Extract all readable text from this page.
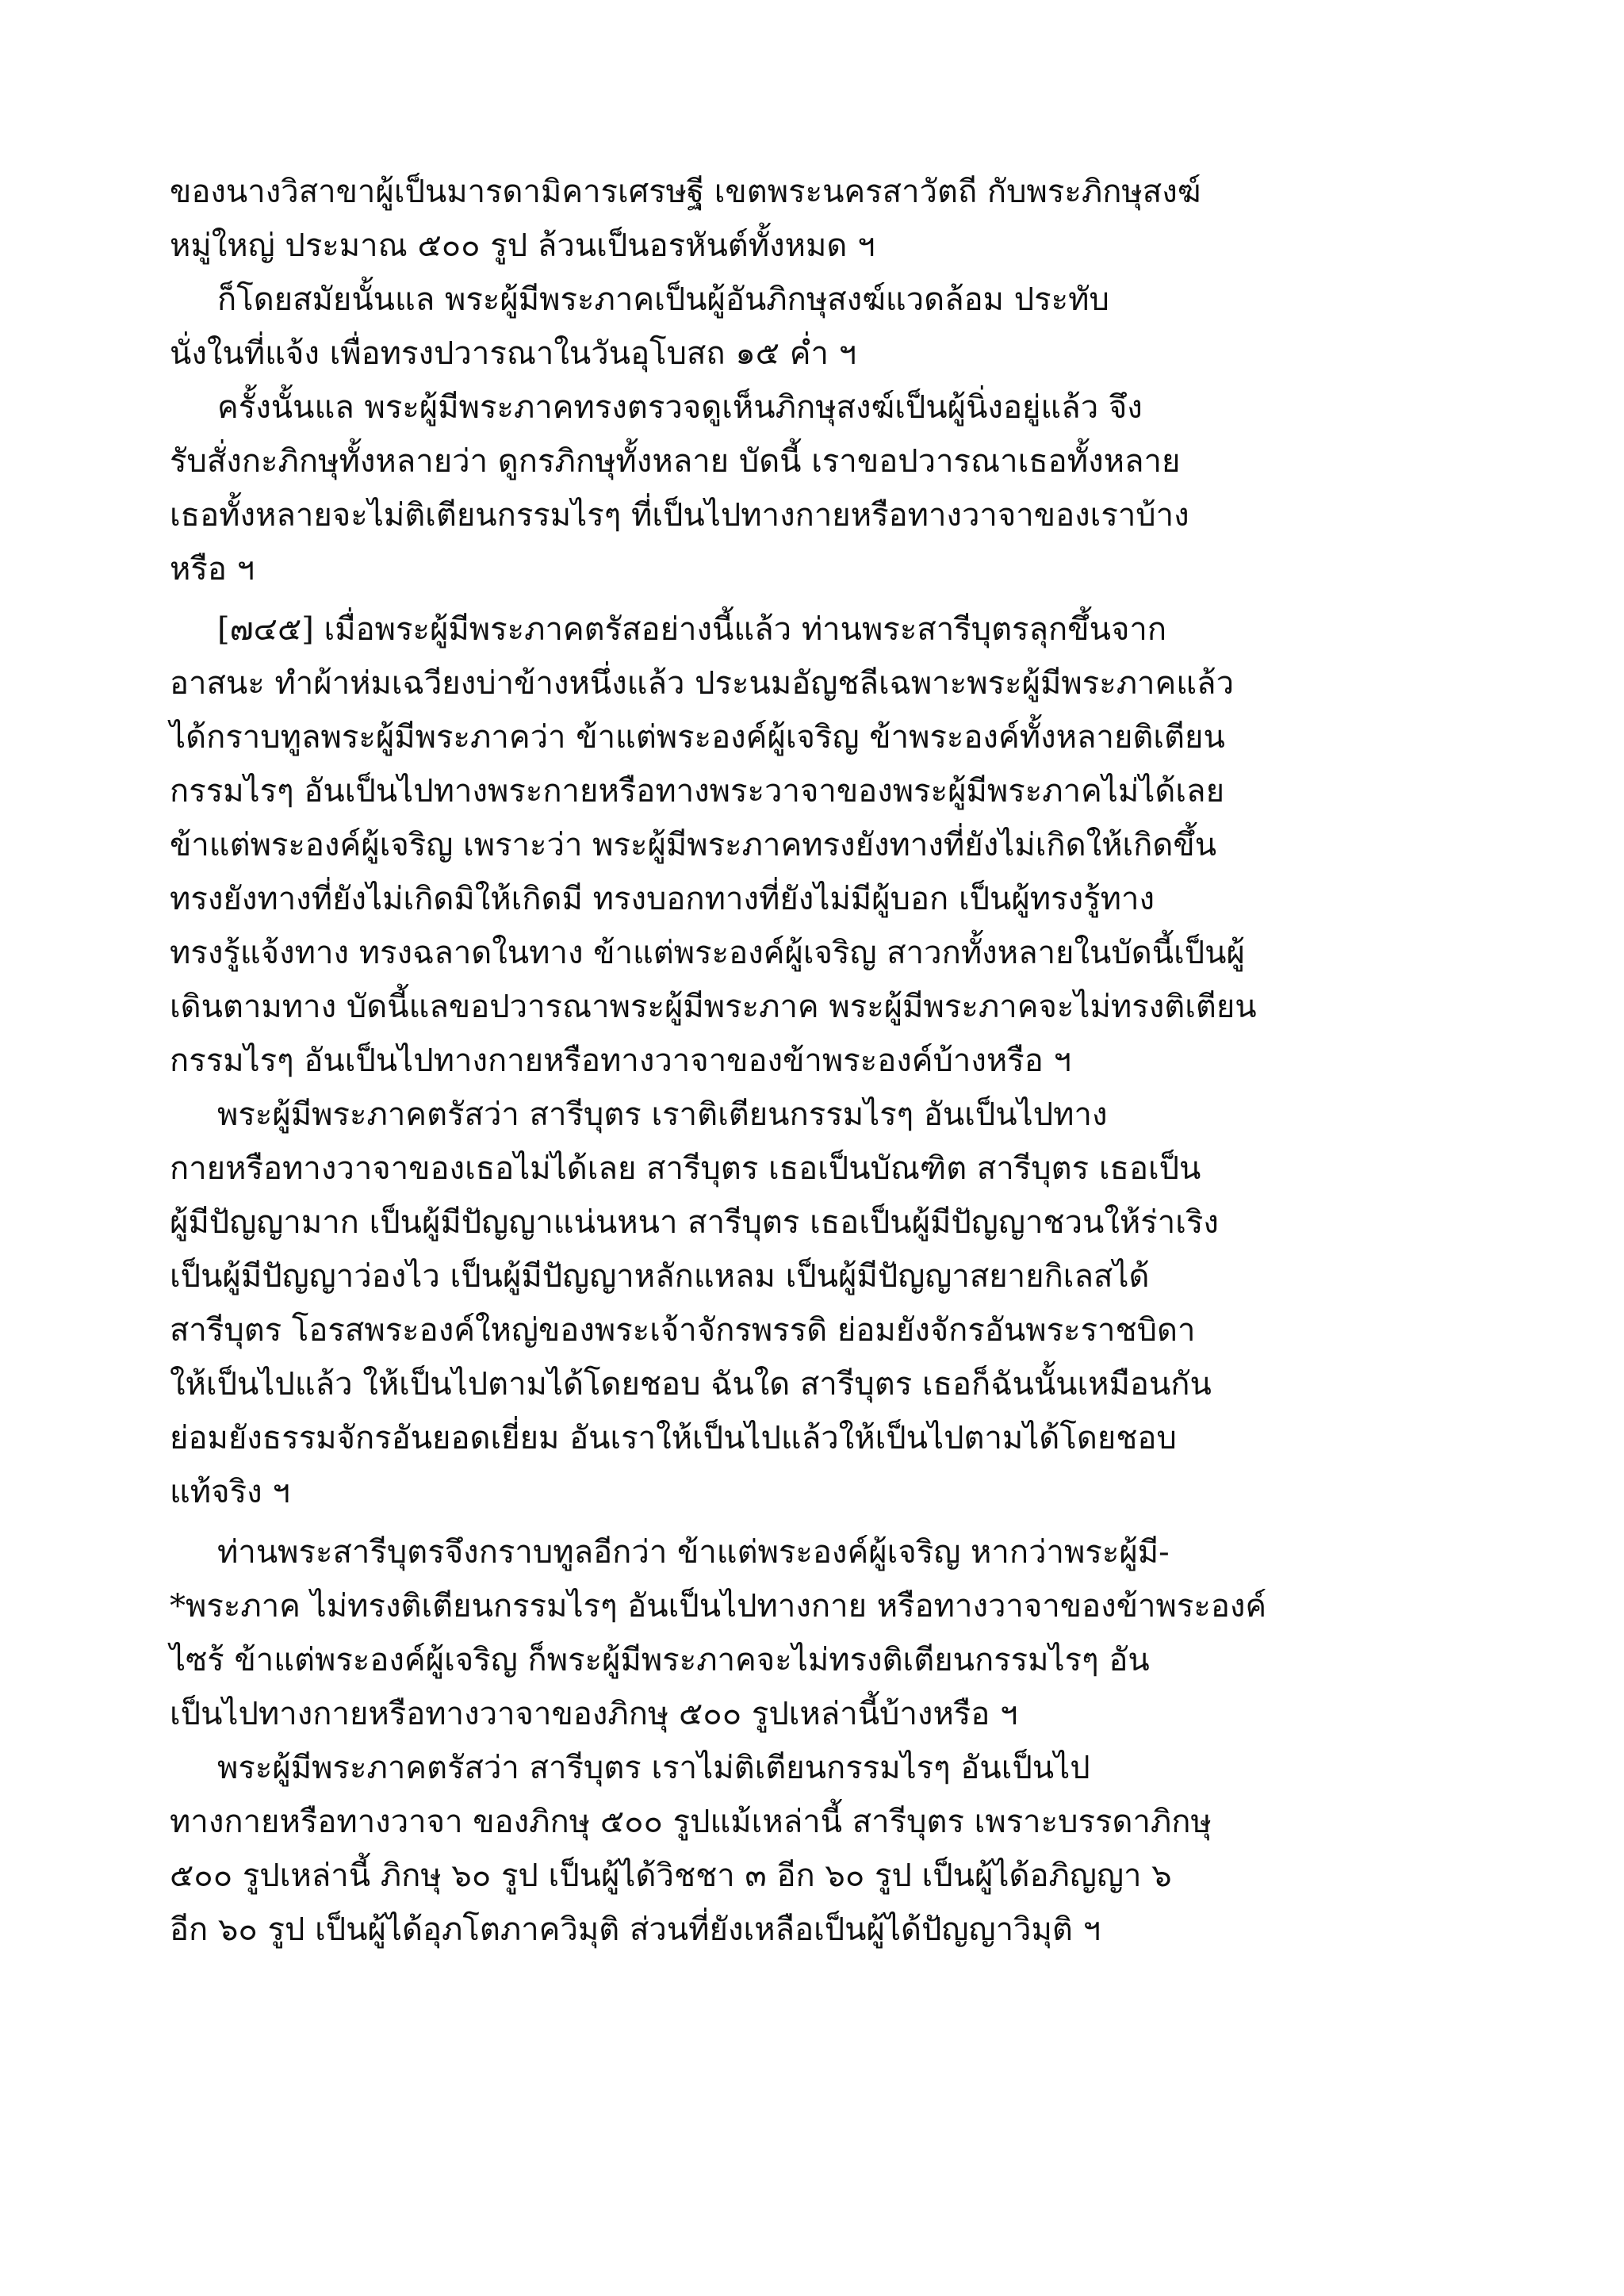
ของนางวิสาขาผู้เป็นมารดามิคารเศรษฐี เขตพระนครสาวัตถี กับพระภิกษุสงฆ์
หมู่ใหญ่ ประมาณ ๕๐๐ รูป ล้วนเป็นอรหันต์ทั้งหมด ฯ
ก็โดยสมัยนั้นแล พระผู้มีพระภาคเป็นผู้อันภิกษุสงฆ์แวดล้อม ประทับ
นั่งในที่แจ้ง เพื่อทรงปวารณาในวันอุโบสถ ๑๕ ค่ำ ฯ
ครั้งนั้นแล พระผู้มีพระภาคทรงตรวจดูเห็นภิกษุสงฆ์เป็นผู้นิ่งอยู่แล้ว จึง
รับสั่งกะภิกษุทั้งหลายว่า ดูกรภิกษุทั้งหลาย บัดนี้ เราขอปวารณาเธอทั้งหลาย
เธอทั้งหลายจะไม่ติเตียนกรรมไรๆ ที่เป็นไปทางกายหรือทางวาจาของเราบ้าง
หรือ ฯ
[๗๔๕] เมื่อพระผู้มีพระภาคตรัสอย่างนี้แล้ว ท่านพระสารีบุตรลุกขึ้นจาก
อาสนะ ทำผ้าห่มเฉวียงบ่าข้างหนึ่งแล้ว ประนมอัญชลีเฉพาะพระผู้มีพระภาคแล้ว
ได้กราบทูลพระผู้มีพระภาคว่า ข้าแต่พระองค์ผู้เจริญ ข้าพระองค์ทั้งหลายติเตียน
กรรมไรๆ อันเป็นไปทางพระกายหรือทางพระวาจาของพระผู้มีพระภาคไม่ได้เลย
ข้าแต่พระองค์ผู้เจริญ เพราะว่า พระผู้มีพระภาคทรงยังทางที่ยังไม่เกิดให้เกิดขึ้น
ทรงยังทางที่ยังไม่เกิดมิให้เกิดมี ทรงบอกทางที่ยังไม่มีผู้บอก เป็นผู้ทรงรู้ทาง
ทรงรู้แจ้งทาง ทรงฉลาดในทาง ข้าแต่พระองค์ผู้เจริญ สาวกทั้งหลายในบัดนี้เป็นผู้
เดินตามทาง บัดนี้แลขอปวารณาพระผู้มีพระภาค พระผู้มีพระภาคจะไม่ทรงติเตียน
กรรมไรๆ อันเป็นไปทางกายหรือทางวาจาของข้าพระองค์บ้างหรือ ฯ
พระผู้มีพระภาคตรัสว่า สารีบุตร เราติเตียนกรรมไรๆ อันเป็นไปทาง
กายหรือทางวาจาของเธอไม่ได้เลย สารีบุตร เธอเป็นบัณฑิต สารีบุตร เธอเป็น
ผู้มีปัญญามาก เป็นผู้มีปัญญาแน่นหนา สารีบุตร เธอเป็นผู้มีปัญญาชวนให้ร่าเริง
เป็นผู้มีปัญญาว่องไว เป็นผู้มีปัญญาหลักแหลม เป็นผู้มีปัญญาสยายกิเลสได้
สารีบุตร โอรสพระองค์ใหญ่ของพระเจ้าจักรพรรดิ ย่อมยังจักรอันพระราชบิดา
ให้เป็นไปแล้ว ให้เป็นไปตามได้โดยชอบ ฉันใด สารีบุตร เธอก็ฉันนั้นเหมือนกัน
ย่อมยังธรรมจักรอันยอดเยี่ยม อันเราให้เป็นไปแล้วให้เป็นไปตามได้โดยชอบ
แท้จริง ฯ
ท่านพระสารีบุตรจึงกราบทูลอีกว่า ข้าแต่พระองค์ผู้เจริญ หากว่าพระผู้มี-
*พระภาค ไม่ทรงติเตียนกรรมไรๆ อันเป็นไปทางกาย หรือทางวาจาของข้าพระองค์
ไซร้ ข้าแต่พระองค์ผู้เจริญ ก็พระผู้มีพระภาคจะไม่ทรงติเตียนกรรมไรๆ อัน
เป็นไปทางกายหรือทางวาจาของภิกษุ ๕๐๐ รูปเหล่านี้บ้างหรือ ฯ
พระผู้มีพระภาคตรัสว่า สารีบุตร เราไม่ติเตียนกรรมไรๆ อันเป็นไป
ทางกายหรือทางวาจา ของภิกษุ ๕๐๐ รูปแม้เหล่านี้ สารีบุตร เพราะบรรดาภิกษุ
๕๐๐ รูปเหล่านี้ ภิกษุ ๖๐ รูป เป็นผู้ได้วิชชา ๓ อีก ๖๐ รูป เป็นผู้ได้อภิญญา ๖
อีก ๖๐ รูป เป็นผู้ได้อุภโตภาควิมุติ ส่วนที่ยังเหลือเป็นผู้ได้ปัญญาวิมุติ ฯ
